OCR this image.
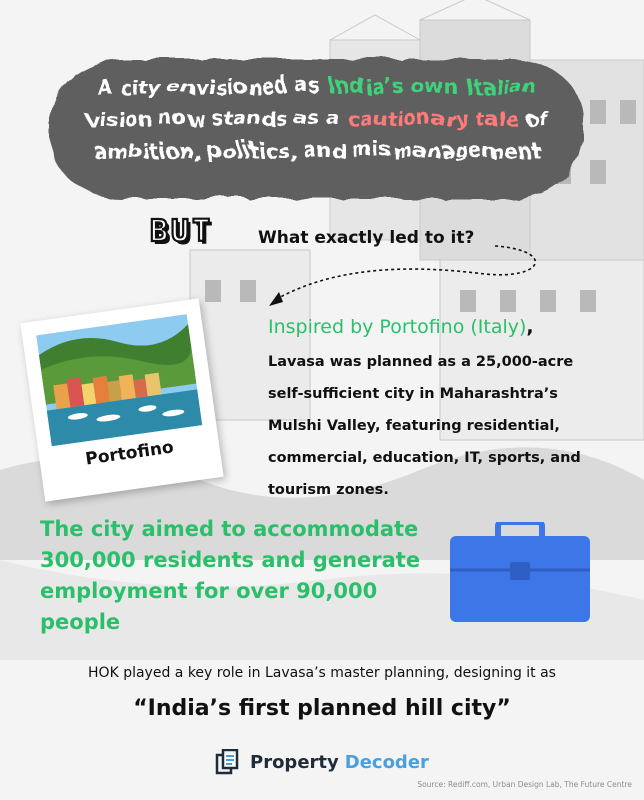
A city envisioned as India’s own Italian
vision now stands as a cautionary tale of
ambition, politics, and mismanagement
BUT	What exactly led to it?
Portofino
Inspired by Portofino (Italy),
Lavasa was planned as a 25,000-acre self-sufficient city in Maharashtra’s Mulshi Valley, featuring residential, commercial, education, IT, sports, and tourism zones.
The city aimed to accommodate 300,000 residents and generate employment for over 90,000 people
HOK played a key role in Lavasa’s master planning, designing it as
“India’s first planned hill city”
Property Decoder
Source: Rediff.com, Urban Design Lab, The Future Centre
